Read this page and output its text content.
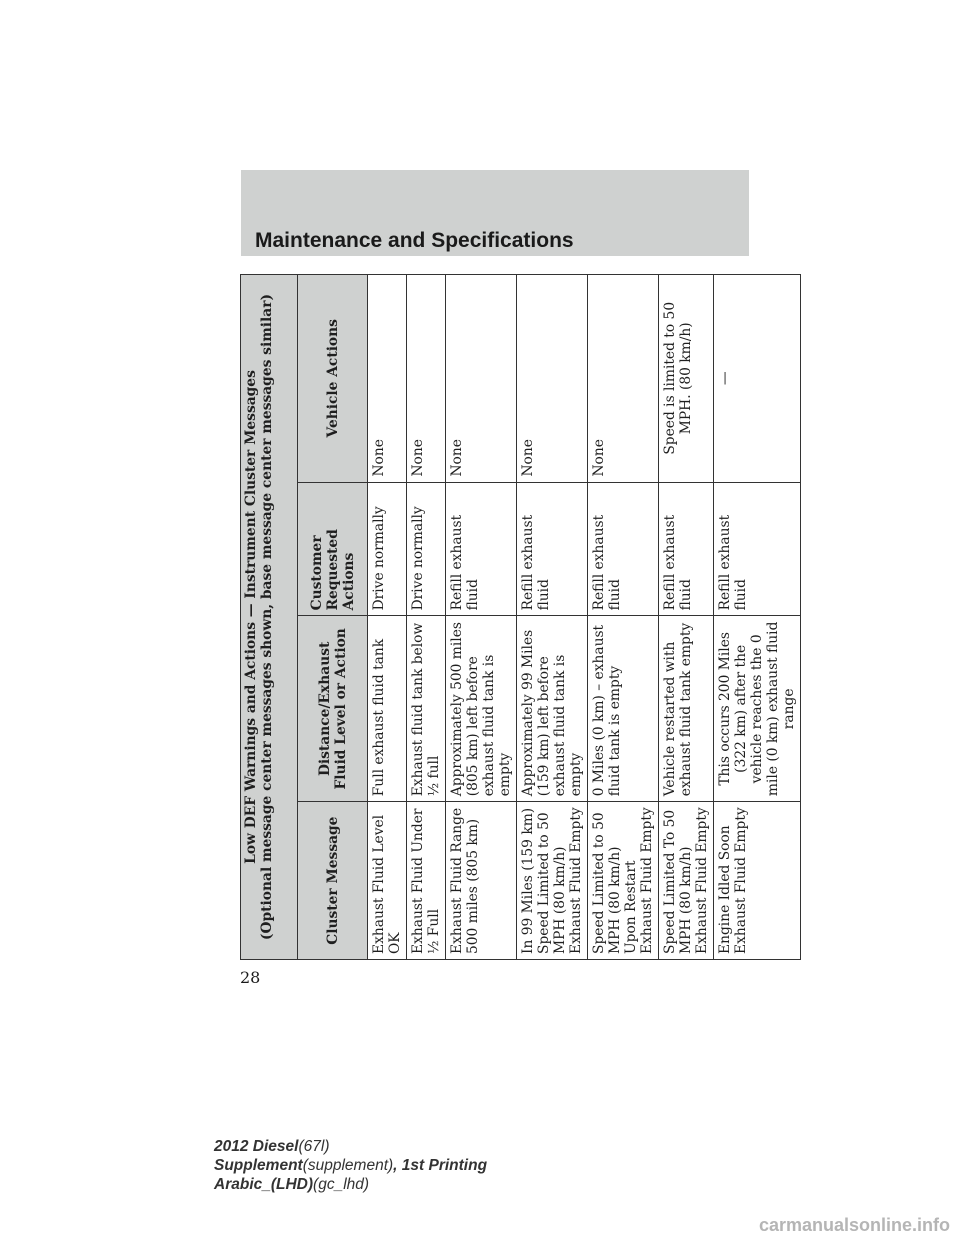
Maintenance and Specifications
Low DEF Warnings and Actions — Instrument Cluster Messages (Optional message center messages shown, base message center messages similar)			

Cluster Message	Distance/Exhaust Fluid Level or Action	Customer Requested Actions	Vehicle Actions
Exhaust Fluid Level OK	Full exhaust fluid tank	Drive normally	None
Exhaust Fluid Under ½ Full	Exhaust fluid tank below ½ full	Drive normally	None
Exhaust Fluid Range 500 miles (805 km)	Approximately 500 miles (805 km) left before exhaust fluid tank is empty	Refill exhaust fluid	None
In 99 Miles (159 km) Speed Limited to 50 MPH (80 km/h) Exhaust Fluid Empty	Approximately 99 Miles (159 km) left before exhaust fluid tank is empty	Refill exhaust fluid	None
Speed Limited to 50 MPH (80 km/h) Upon Restart Exhaust Fluid Empty	0 Miles (0 km) – exhaust fluid tank is empty	Refill exhaust fluid	None
Speed Limited To 50 MPH (80 km/h) Exhaust Fluid Empty	Vehicle restarted with exhaust fluid tank empty	Refill exhaust fluid	Speed is limited to 50 MPH. (80 km/h)
Engine Idled Soon Exhaust Fluid Empty	This occurs 200 Miles (322 km) after the vehicle reaches the 0 mile (0 km) exhaust fluid range	Refill exhaust fluid	—
28
2012 Diesel(67l)
Supplement(supplement), 1st Printing
Arabic_(LHD)(gc_lhd)
carmanualsonline.info
